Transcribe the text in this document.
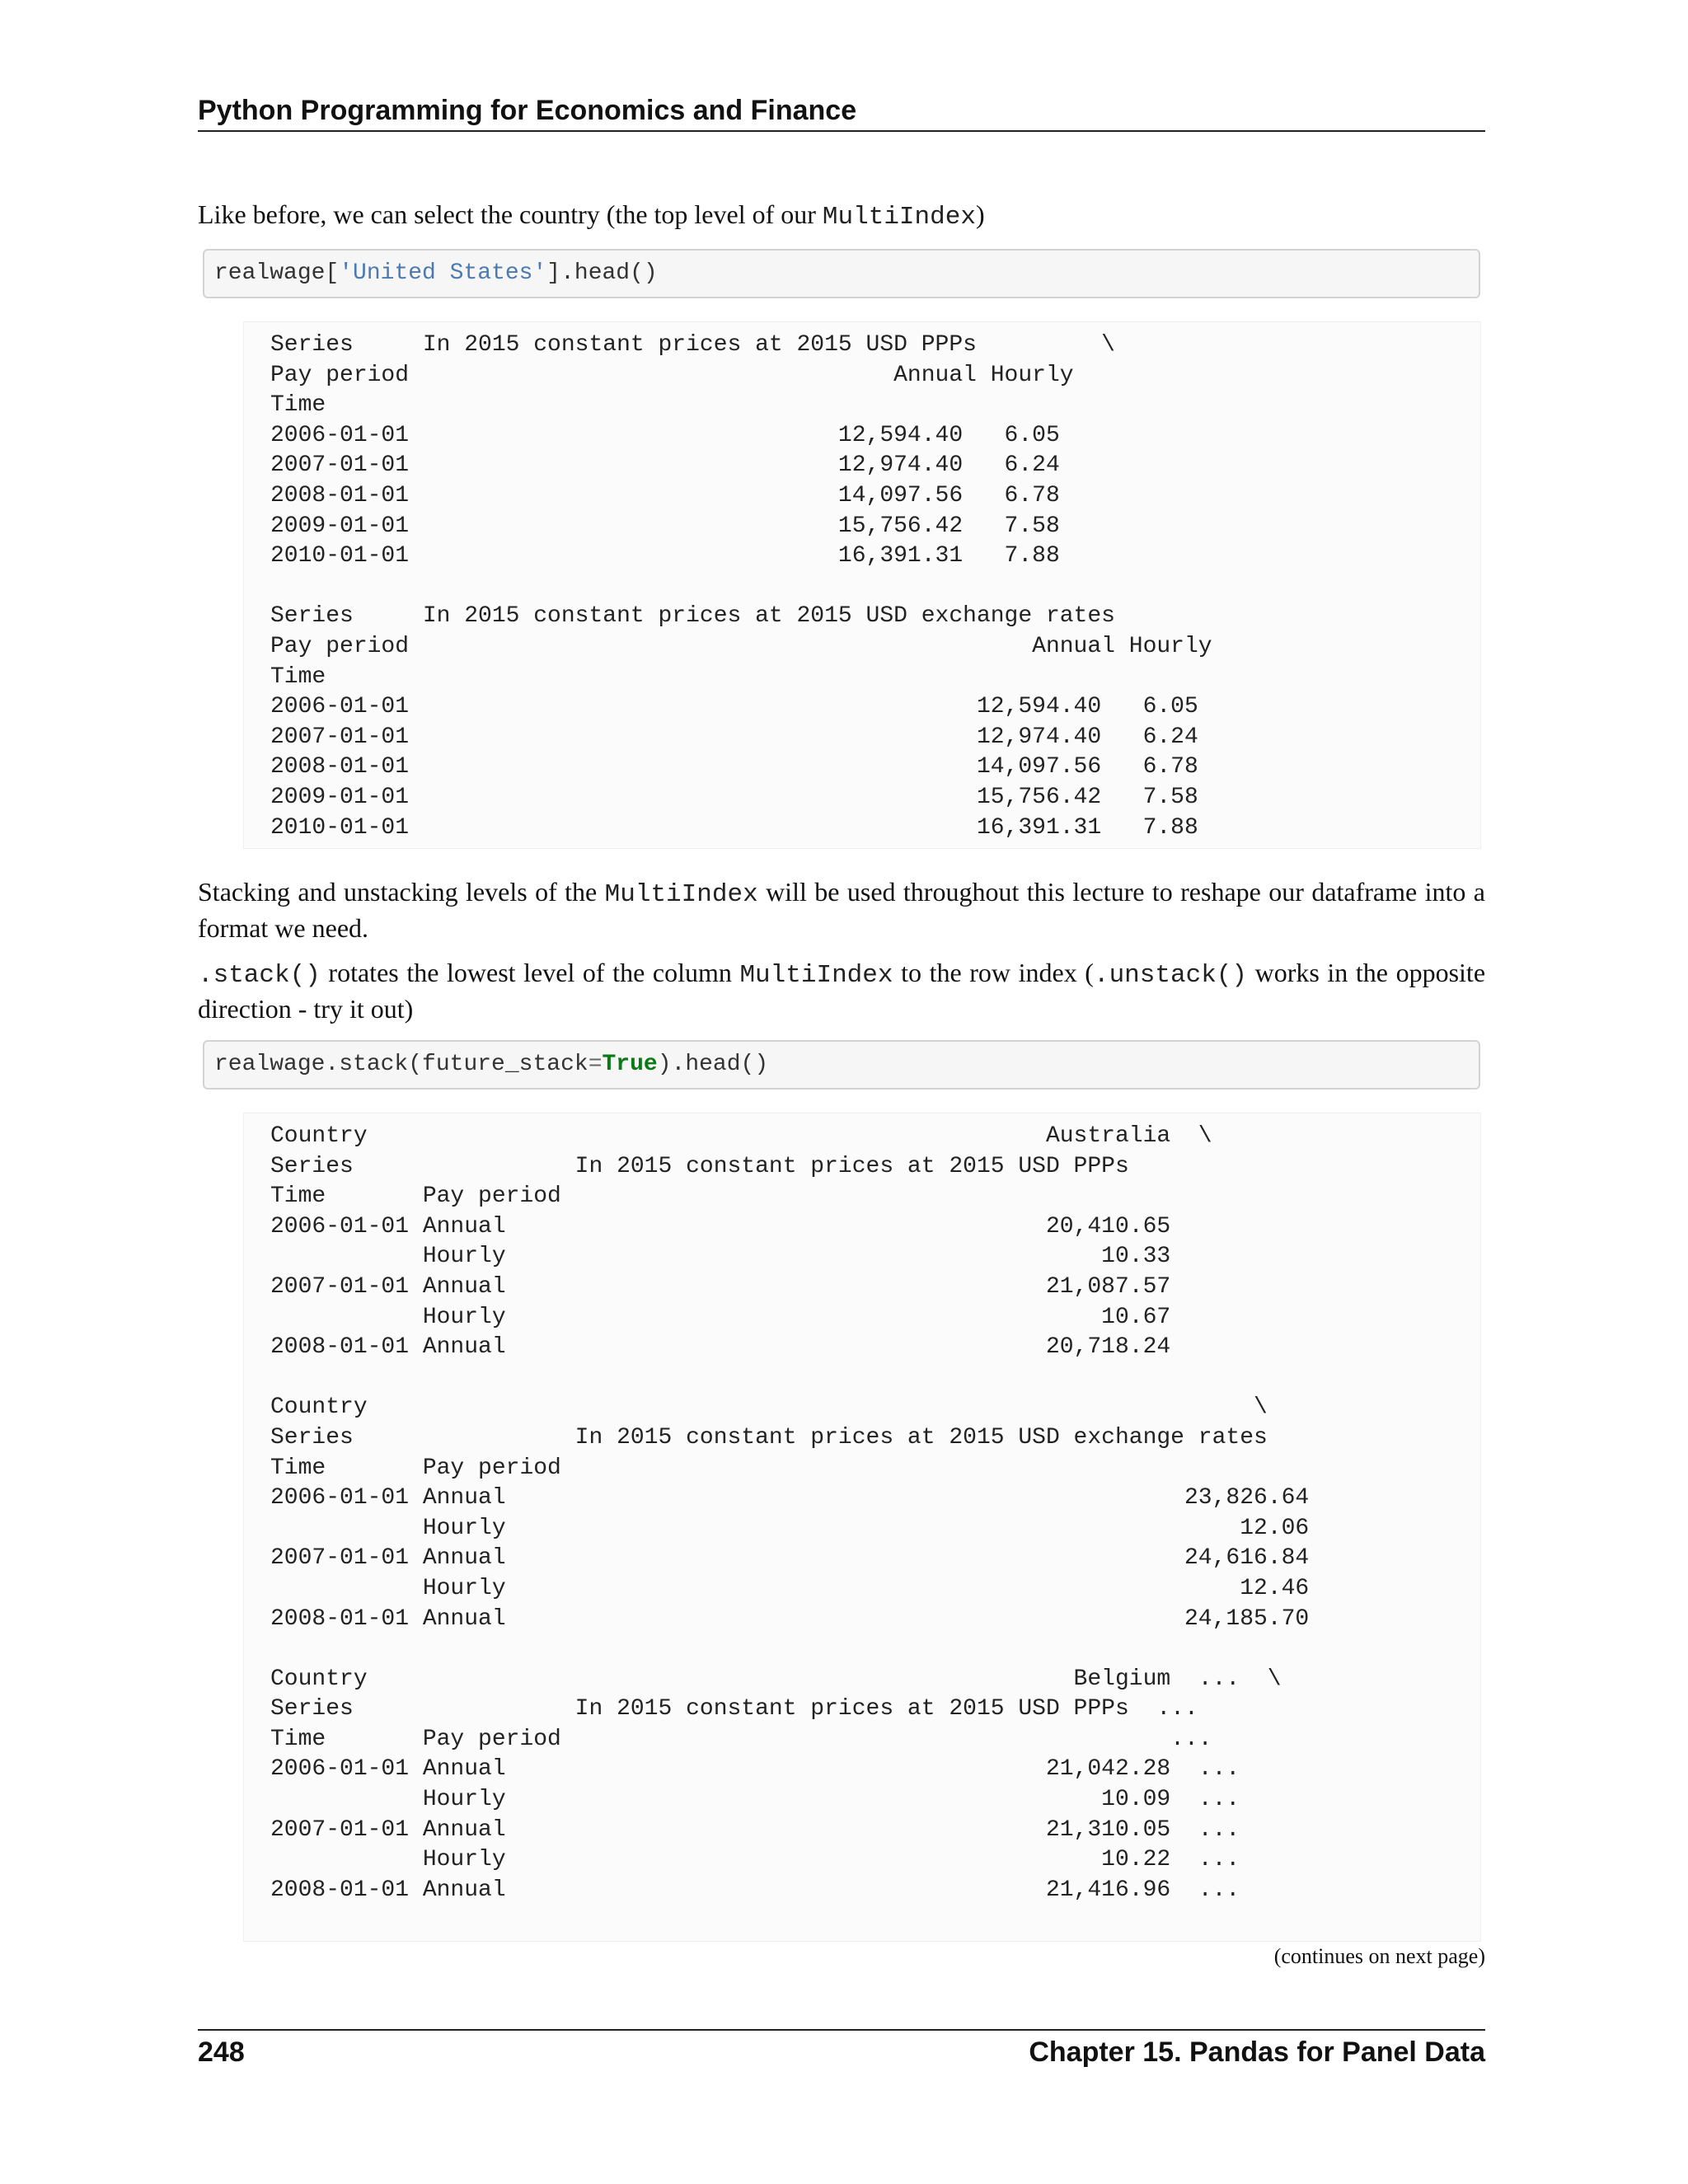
Python Programming for Economics and Finance

Like before, we can select the country (the top level of our MultiIndex)

realwage['United States'].head()
Series     In 2015 constant prices at 2015 USD PPPs         \
Pay period                                   Annual Hourly
Time
2006-01-01                               12,594.40   6.05
2007-01-01                               12,974.40   6.24
2008-01-01                               14,097.56   6.78
2009-01-01                               15,756.42   7.58
2010-01-01                               16,391.31   7.88

Series     In 2015 constant prices at 2015 USD exchange rates
Pay period                                             Annual Hourly
Time
2006-01-01                                         12,594.40   6.05
2007-01-01                                         12,974.40   6.24
2008-01-01                                         14,097.56   6.78
2009-01-01                                         15,756.42   7.58
2010-01-01                                         16,391.31   7.88

Stacking and unstacking levels of the MultiIndex will be used throughout this lecture to reshape our dataframe into a format we need.

.stack() rotates the lowest level of the column MultiIndex to the row index (.unstack() works in the opposite direction - try it out)

realwage.stack(future_stack=True).head()
Country                                                 Australia  \
Series                In 2015 constant prices at 2015 USD PPPs
Time       Pay period
2006-01-01 Annual                                       20,410.65
Hourly                                           10.33
2007-01-01 Annual                                       21,087.57
Hourly                                           10.67
2008-01-01 Annual                                       20,718.24

Country                                                                \
Series                In 2015 constant prices at 2015 USD exchange rates
Time       Pay period
2006-01-01 Annual                                                 23,826.64
Hourly                                                     12.06
2007-01-01 Annual                                                 24,616.84
Hourly                                                     12.46
2008-01-01 Annual                                                 24,185.70

Country                                                   Belgium  ...  \
Series                In 2015 constant prices at 2015 USD PPPs  ...
Time       Pay period                                            ...
2006-01-01 Annual                                       21,042.28  ...
Hourly                                           10.09  ...
2007-01-01 Annual                                       21,310.05  ...
Hourly                                           10.22  ...
2008-01-01 Annual                                       21,416.96  ...
(continues on next page)
248	Chapter 15. Pandas for Panel Data
